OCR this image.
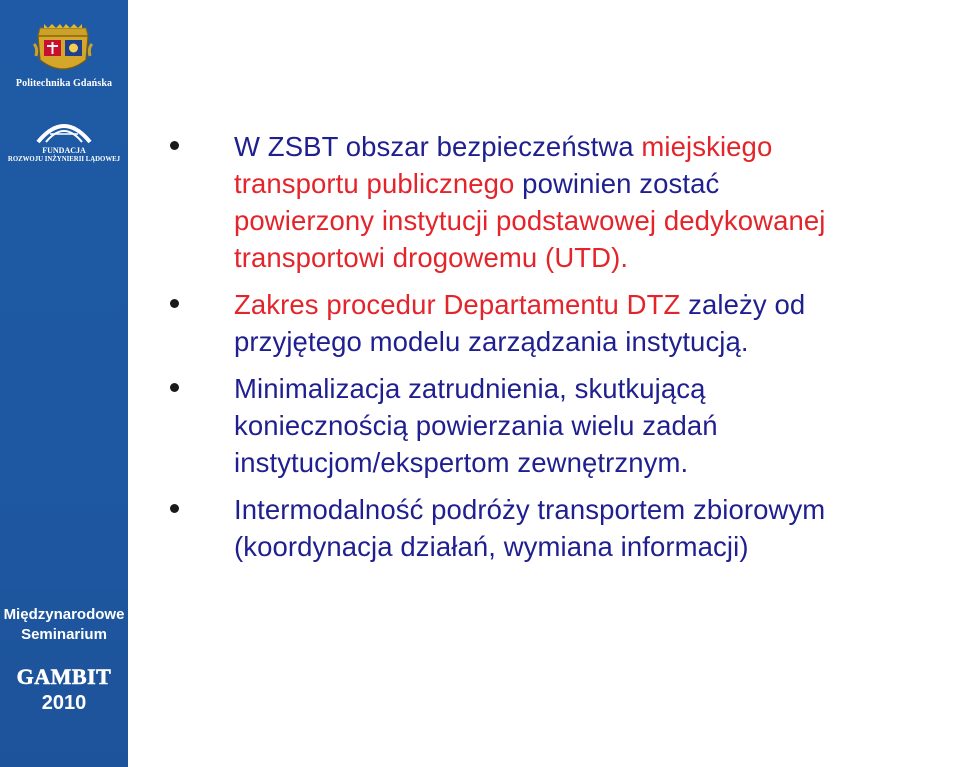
Politechnika Gdańska
FUNDACJA
ROZWOJU INŻYNIERII LĄDOWEJ
Międzynarodowe
Seminarium
GAMBIT
2010
W ZSBT obszar bezpieczeństwa miejskiego
transportu publicznego powinien zostać
powierzony instytucji podstawowej dedykowanej
transportowi drogowemu (UTD).
Zakres procedur Departamentu DTZ zależy od
przyjętego modelu zarządzania instytucją.
Minimalizacja zatrudnienia, skutkującą
koniecznością powierzania wielu zadań
instytucjom/ekspertom zewnętrznym.
Intermodalność podróży transportem zbiorowym
(koordynacja działań, wymiana informacji)
